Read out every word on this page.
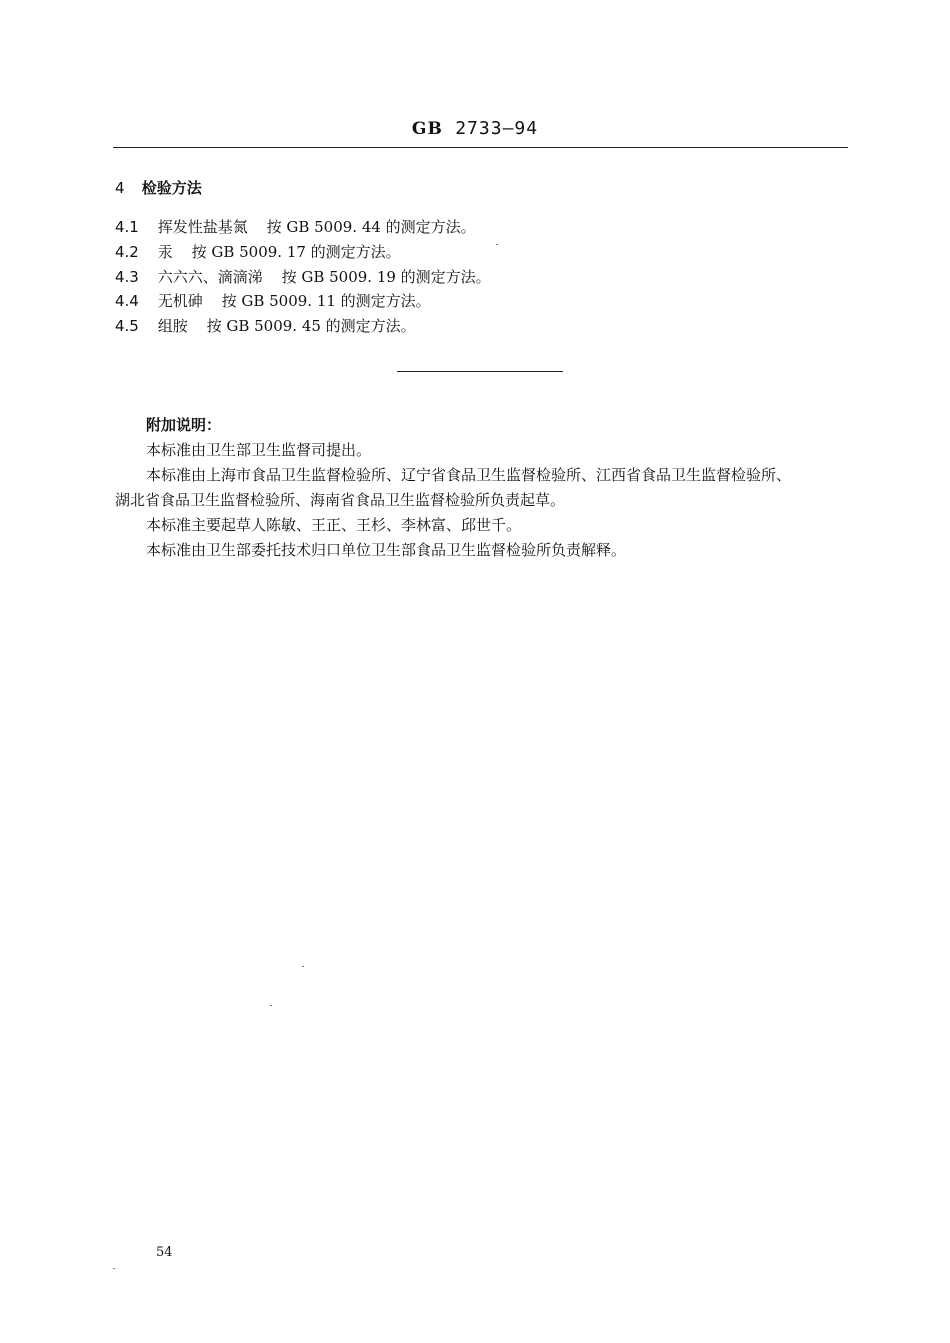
GB 2733—94
4 检验方法
4.1 挥发性盐基氮 按 GB 5009. 44 的测定方法。
4.2 汞 按 GB 5009. 17 的测定方法。
4.3 六六六、滴滴涕 按 GB 5009. 19 的测定方法。
4.4 无机砷 按 GB 5009. 11 的测定方法。
4.5 组胺 按 GB 5009. 45 的测定方法。
附加说明：
本标准由卫生部卫生监督司提出。
本标准由上海市食品卫生监督检验所、辽宁省食品卫生监督检验所、江西省食品卫生监督检验所、
湖北省食品卫生监督检验所、海南省食品卫生监督检验所负责起草。
本标准主要起草人陈敏、王正、王杉、李林富、邱世千。
本标准由卫生部委托技术归口单位卫生部食品卫生监督检验所负责解释。
54
